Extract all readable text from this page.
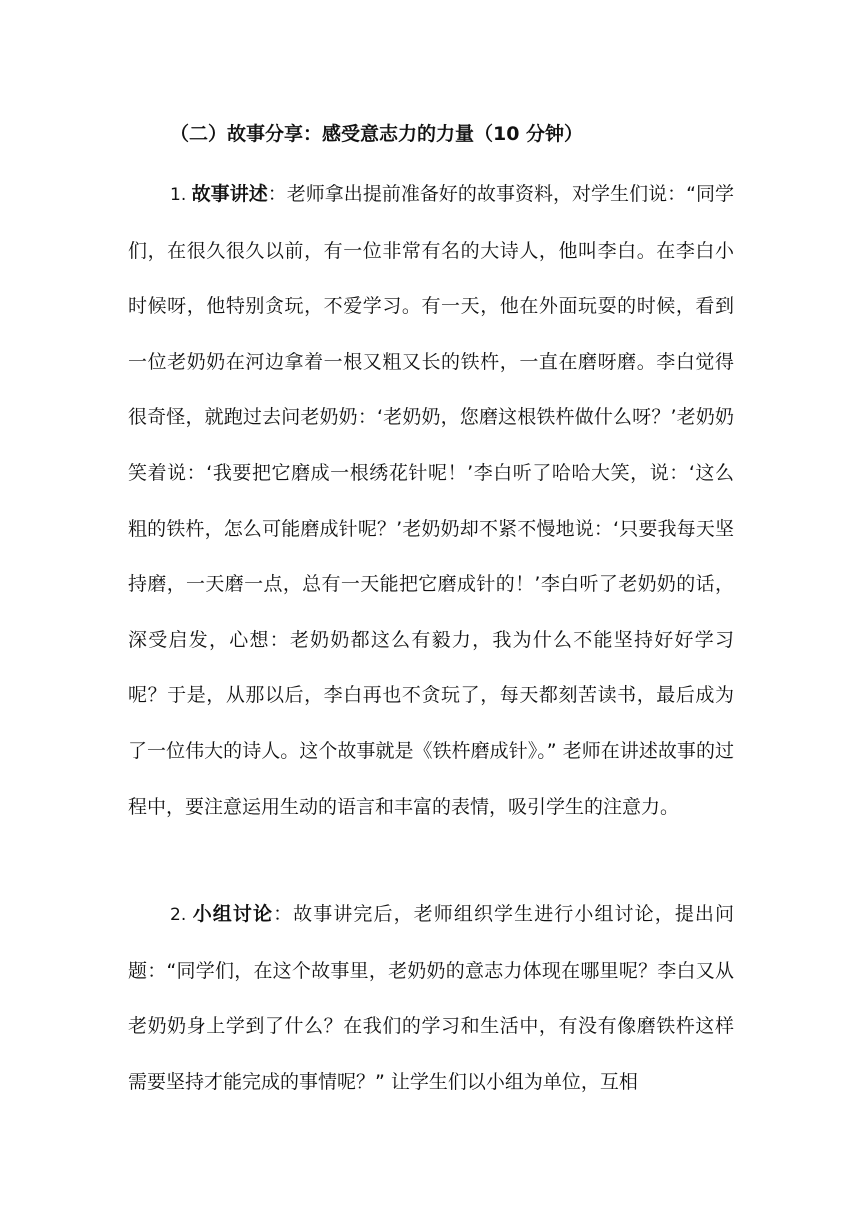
（二）故事分享：感受意志力的力量（10 分钟）

1. 故事讲述：老师拿出提前准备好的故事资料，对学生们说：“同学们，在很久很久以前，有一位非常有名的大诗人，他叫李白。在李白小时候呀，他特别贪玩，不爱学习。有一天，他在外面玩耍的时候，看到一位老奶奶在河边拿着一根又粗又长的铁杵，一直在磨呀磨。李白觉得很奇怪，就跑过去问老奶奶：‘老奶奶，您磨这根铁杵做什么呀？’老奶奶笑着说：‘我要把它磨成一根绣花针呢！’李白听了哈哈大笑，说：‘这么粗的铁杵，怎么可能磨成针呢？’老奶奶却不紧不慢地说：‘只要我每天坚持磨，一天磨一点，总有一天能把它磨成针的！’李白听了老奶奶的话，深受启发，心想：老奶奶都这么有毅力，我为什么不能坚持好好学习呢？于是，从那以后，李白再也不贪玩了，每天都刻苦读书，最后成为了一位伟大的诗人。这个故事就是《铁杵磨成针》。” 老师在讲述故事的过程中，要注意运用生动的语言和丰富的表情，吸引学生的注意力。

2. 小组讨论：故事讲完后，老师组织学生进行小组讨论，提出问题：“同学们，在这个故事里，老奶奶的意志力体现在哪里呢？李白又从老奶奶身上学到了什么？在我们的学习和生活中，有没有像磨铁杵这样需要坚持才能完成的事情呢？” 让学生们以小组为单位，互相
